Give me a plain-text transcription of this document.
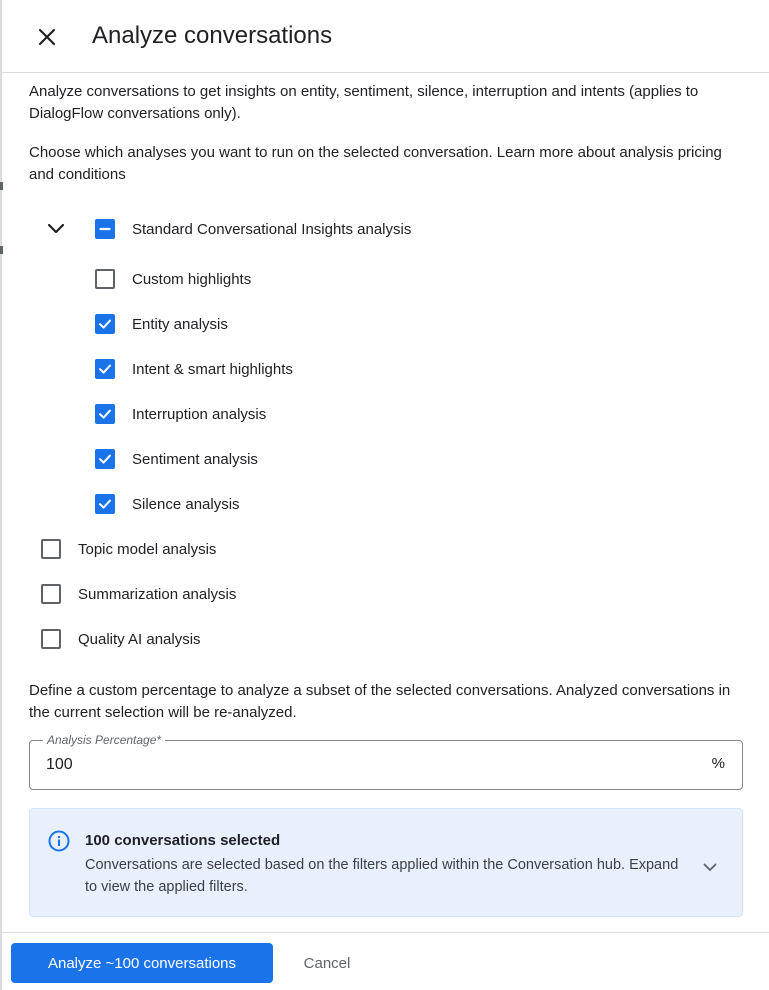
Analyze conversations
Analyze conversations to get insights on entity, sentiment, silence, interruption and intents (applies to DialogFlow conversations only).
Choose which analyses you want to run on the selected conversation. Learn more about analysis pricing and conditions
Standard Conversational Insights analysis
Custom highlights
Entity analysis
Intent & smart highlights
Interruption analysis
Sentiment analysis
Silence analysis
Topic model analysis
Summarization analysis
Quality AI analysis
Define a custom percentage to analyze a subset of the selected conversations. Analyzed conversations in the current selection will be re-analyzed.
Analysis Percentage*
100
%
100 conversations selected
Conversations are selected based on the filters applied within the Conversation hub. Expand to view the applied filters.
Analyze ~100 conversations	Cancel
